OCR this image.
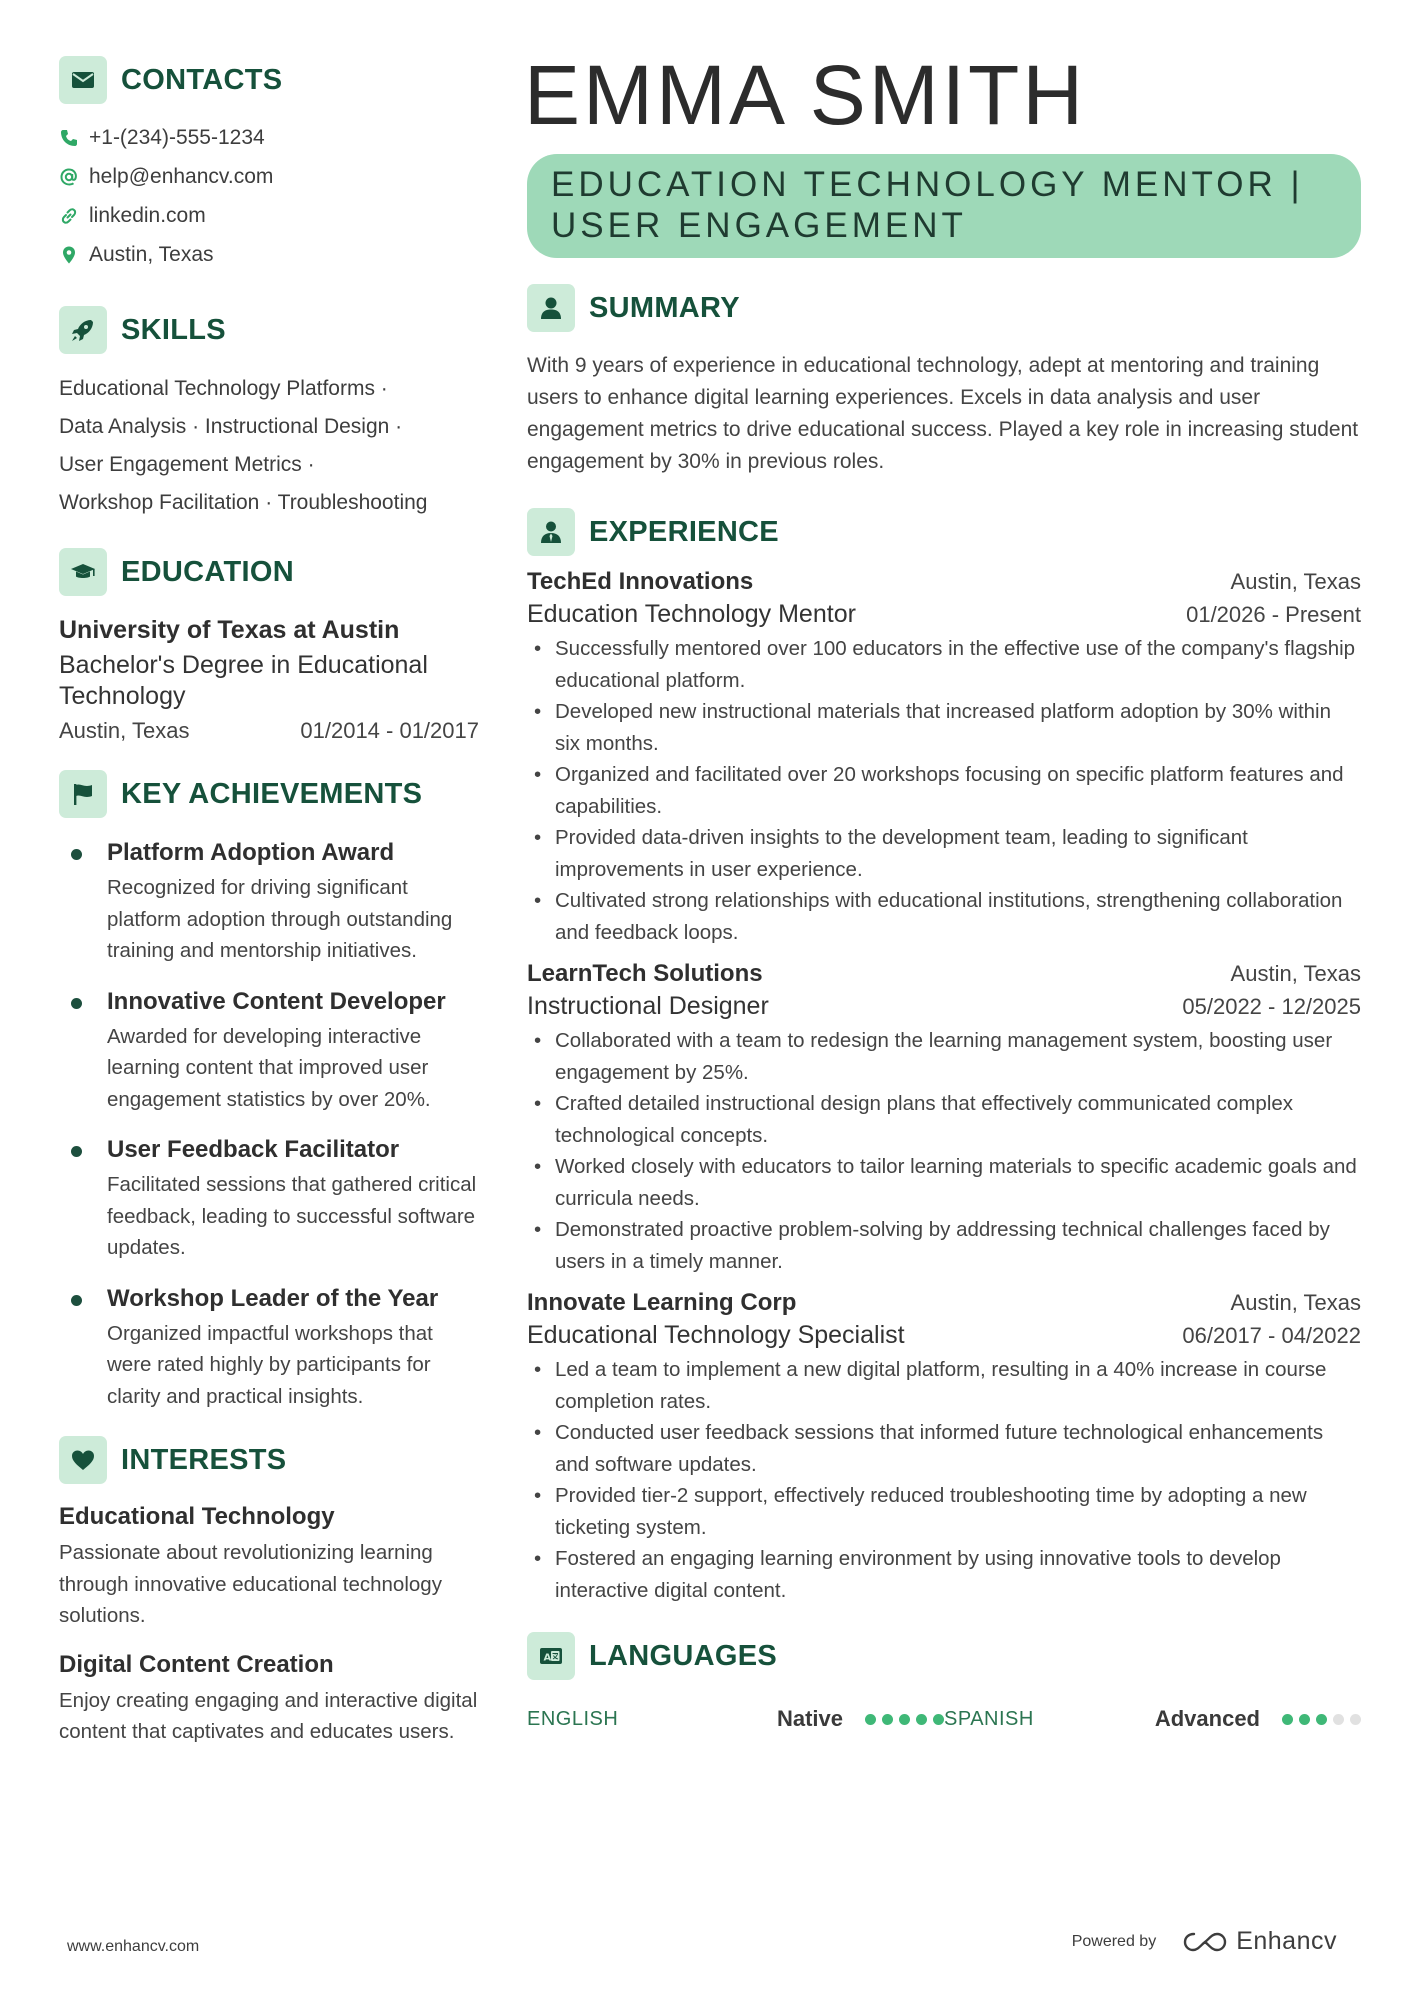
CONTACTS
+1-(234)-555-1234
help@enhancv.com
linkedin.com
Austin, Texas
SKILLS
Educational Technology Platforms ·
Data Analysis · Instructional Design ·
User Engagement Metrics ·
Workshop Facilitation · Troubleshooting
EDUCATION
University of Texas at Austin
Bachelor's Degree in Educational Technology
Austin, Texas	01/2014 - 01/2017
KEY ACHIEVEMENTS
Platform Adoption Award
Recognized for driving significant platform adoption through outstanding training and mentorship initiatives.
Innovative Content Developer
Awarded for developing interactive learning content that improved user engagement statistics by over 20%.
User Feedback Facilitator
Facilitated sessions that gathered critical feedback, leading to successful software updates.
Workshop Leader of the Year
Organized impactful workshops that were rated highly by participants for clarity and practical insights.
INTERESTS
Educational Technology
Passionate about revolutionizing learning through innovative educational technology solutions.
Digital Content Creation
Enjoy creating engaging and interactive digital content that captivates and educates users.
EMMA SMITH
EDUCATION TECHNOLOGY MENTOR | USER ENGAGEMENT
SUMMARY
With 9 years of experience in educational technology, adept at mentoring and training users to enhance digital learning experiences. Excels in data analysis and user engagement metrics to drive educational success. Played a key role in increasing student engagement by 30% in previous roles.
EXPERIENCE
TechEd Innovations	Austin, Texas
Education Technology Mentor	01/2026 - Present
• Successfully mentored over 100 educators in the effective use of the company's flagship educational platform.
• Developed new instructional materials that increased platform adoption by 30% within six months.
• Organized and facilitated over 20 workshops focusing on specific platform features and capabilities.
• Provided data-driven insights to the development team, leading to significant improvements in user experience.
• Cultivated strong relationships with educational institutions, strengthening collaboration and feedback loops.
LearnTech Solutions	Austin, Texas
Instructional Designer	05/2022 - 12/2025
• Collaborated with a team to redesign the learning management system, boosting user engagement by 25%.
• Crafted detailed instructional design plans that effectively communicated complex technological concepts.
• Worked closely with educators to tailor learning materials to specific academic goals and curricula needs.
• Demonstrated proactive problem-solving by addressing technical challenges faced by users in a timely manner.
Innovate Learning Corp	Austin, Texas
Educational Technology Specialist	06/2017 - 04/2022
• Led a team to implement a new digital platform, resulting in a 40% increase in course completion rates.
• Conducted user feedback sessions that informed future technological enhancements and software updates.
• Provided tier-2 support, effectively reduced troubleshooting time by adopting a new ticketing system.
• Fostered an engaging learning environment by using innovative tools to develop interactive digital content.
A LANGUAGES
ENGLISH	Native	SPANISH	Advanced
www.enhancv.com	Powered by	Enhancv
